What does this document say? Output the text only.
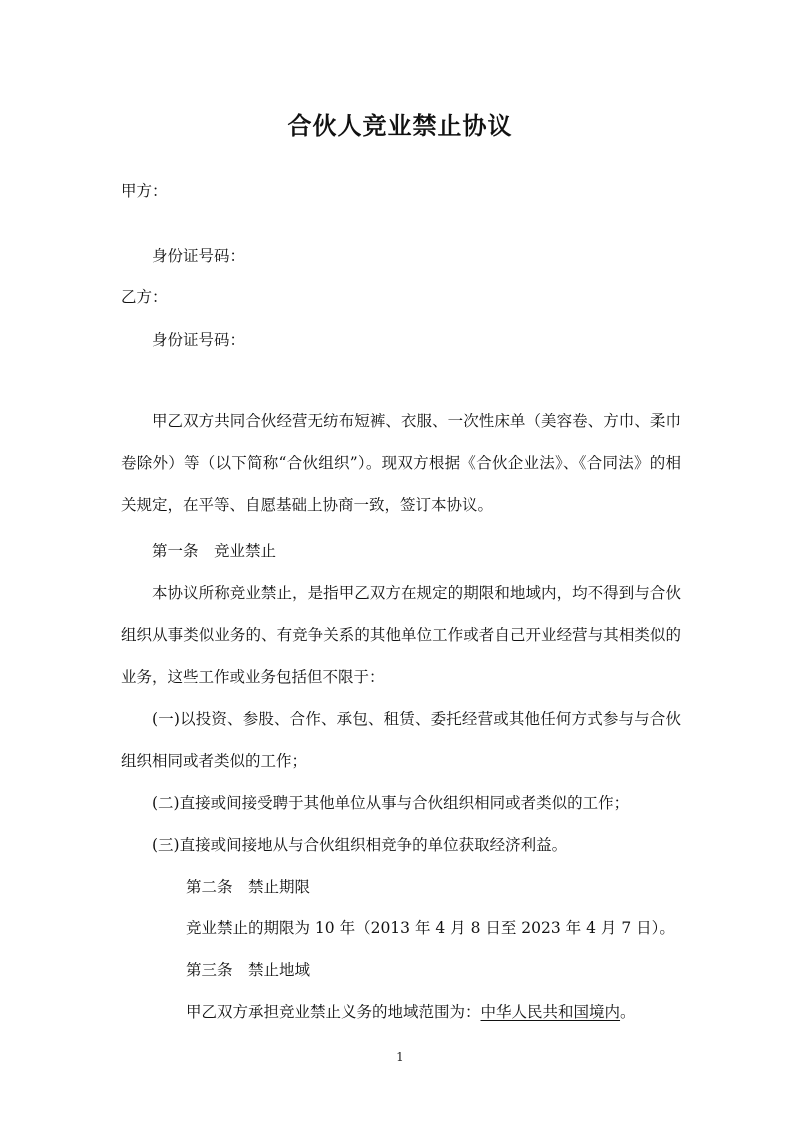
合伙人竞业禁止协议
甲方：
身份证号码：
乙方：
身份证号码：
甲乙双方共同合伙经营无纺布短裤、衣服、一次性床单（美容卷、方巾、柔巾卷除外）等（以下简称“合伙组织”）。现双方根据《合伙企业法》、《合同法》的相关规定，在平等、自愿基础上协商一致，签订本协议。
第一条　竞业禁止
本协议所称竞业禁止，是指甲乙双方在规定的期限和地域内，均不得到与合伙组织从事类似业务的、有竞争关系的其他单位工作或者自己开业经营与其相类似的业务，这些工作或业务包括但不限于：
(一)以投资、参股、合作、承包、租赁、委托经营或其他任何方式参与与合伙组织相同或者类似的工作；
(二)直接或间接受聘于其他单位从事与合伙组织相同或者类似的工作；
(三)直接或间接地从与合伙组织相竞争的单位获取经济利益。
第二条　禁止期限
竞业禁止的期限为 10 年（2013 年 4 月 8 日至 2023 年 4 月 7 日）。
第三条　禁止地域
甲乙双方承担竞业禁止义务的地域范围为：中华人民共和国境内。
1
